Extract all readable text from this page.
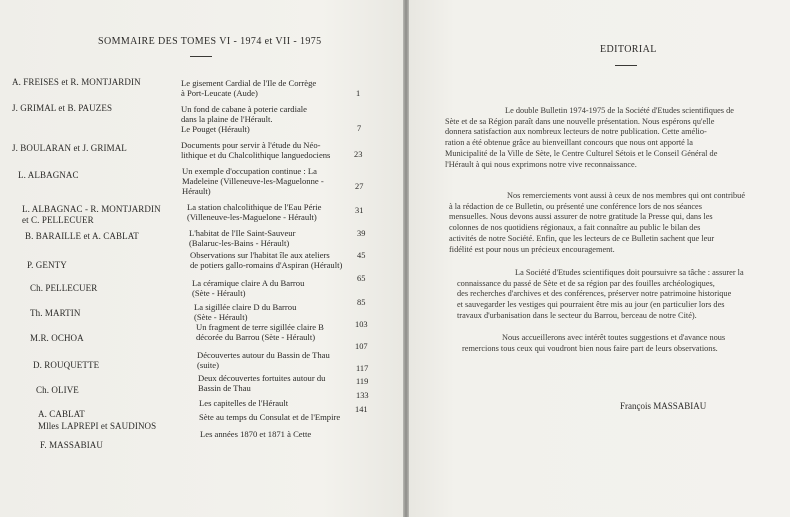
SOMMAIRE DES TOMES VI - 1974 et VII - 1975
A. FREISES et R. MONTJARDIN
J. GRIMAL et B. PAUZES
J. BOULARAN et J. GRIMAL
L. ALBAGNAC
L. ALBAGNAC - R. MONTJARDIN
et C. PELLECUER
B. BARAILLE et A. CABLAT
P. GENTY
Ch. PELLECUER
Th. MARTIN
M.R. OCHOA
D. ROUQUETTE
Ch. OLIVE
A. CABLAT
Mlles LAPREPI et SAUDINOS
F. MASSABIAU
Le gisement Cardial de l'Ile de Corrège
à Port-Leucate (Aude)
Un fond de cabane à poterie cardiale
dans la plaine de l'Hérault.
Le Pouget (Hérault)
Documents pour servir à l'étude du Néo-
lithique et du Chalcolithique languedociens
Un exemple d'occupation continue : La
Madeleine (Villeneuve-les-Maguelonne -
Hérault)
La station chalcolithique de l'Eau Périe
(Villeneuve-les-Maguelone - Hérault)
L'habitat de l'Ile Saint-Sauveur
(Balaruc-les-Bains - Hérault)
Observations sur l'habitat île aux ateliers
de potiers gallo-romains d'Aspiran (Hérault)
La céramique claire A du Barrou
(Sète - Hérault)
La sigillée claire D du Barrou
(Sète - Hérault)
Un fragment de terre sigillée claire B
décorée du Barrou (Sète - Hérault)
Découvertes autour du Bassin de Thau
(suite)
Deux découvertes fortuites autour du
Bassin de Thau
Les capitelles de l'Hérault
Sète au temps du Consulat et de l'Empire
Les années 1870 et 1871 à Cette
1
7
23
27
31
39
45
65
85
103
107
117
119
133
141
EDITORIAL
Le double Bulletin 1974-1975 de la Société d'Etudes scientifiques de
Sète et de sa Région paraît dans une nouvelle présentation. Nous espérons qu'elle
donnera satisfaction aux nombreux lecteurs de notre publication. Cette amélio-
ration a été obtenue grâce au bienveillant concours que nous ont apporté la
Municipalité de la Ville de Sète, le Centre Culturel Sétois et le Conseil Général de
l'Hérault à qui nous exprimons notre vive reconnaissance.
Nos remerciements vont aussi à ceux de nos membres qui ont contribué
à la rédaction de ce Bulletin, ou présenté une conférence lors de nos séances
mensuelles. Nous devons aussi assurer de notre gratitude la Presse qui, dans les
colonnes de nos quotidiens régionaux, a fait connaître au public le bilan des
activités de notre Société. Enfin, que les lecteurs de ce Bulletin sachent que leur
fidélité est pour nous un précieux encouragement.
La Société d'Etudes scientifiques doit poursuivre sa tâche : assurer la
connaissance du passé de Sète et de sa région par des fouilles archéologiques,
des recherches d'archives et des conférences, préserver notre patrimoine historique
et sauvegarder les vestiges qui pourraient être mis au jour (en particulier lors des
travaux d'urbanisation dans le secteur du Barrou, berceau de notre Cité).
Nous accueillerons avec intérêt toutes suggestions et d'avance nous
remercions tous ceux qui voudront bien nous faire part de leurs observations.
François MASSABIAU
